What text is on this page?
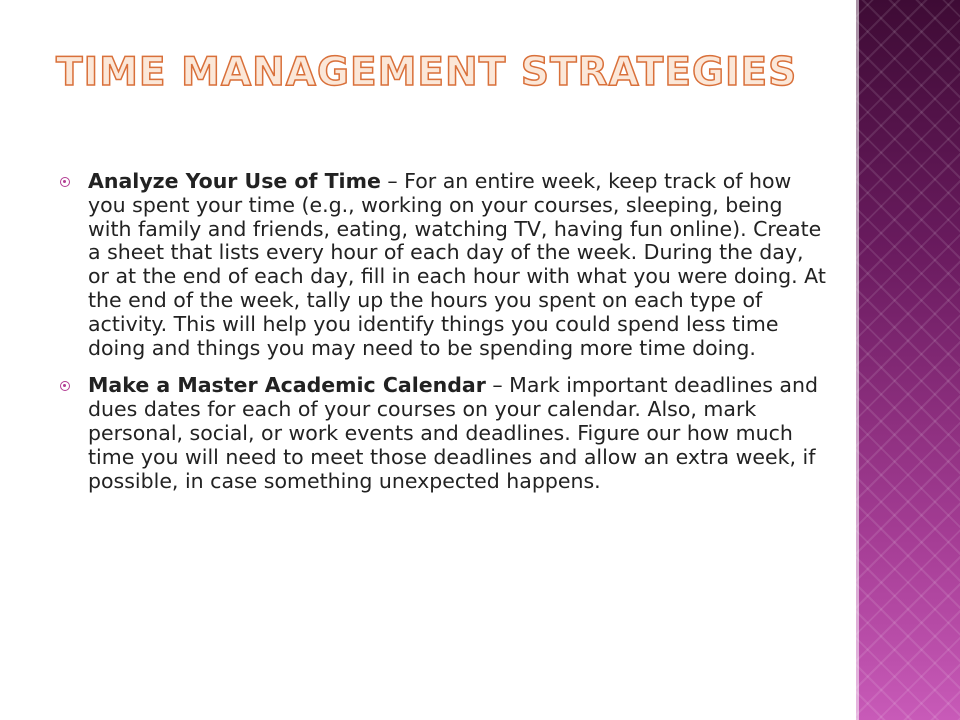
TIME MANAGEMENT STRATEGIES
Analyze Your Use of Time – For an entire week, keep track of how you spent your time (e.g., working on your courses, sleeping, being with family and friends, eating, watching TV, having fun online). Create a sheet that lists every hour of each day of the week. During the day, or at the end of each day, fill in each hour with what you were doing. At the end of the week, tally up the hours you spent on each type of activity. This will help you identify things you could spend less time doing and things you may need to be spending more time doing.
Make a Master Academic Calendar – Mark important deadlines and dues dates for each of your courses on your calendar. Also, mark personal, social, or work events and deadlines. Figure our how much time you will need to meet those deadlines and allow an extra week, if possible, in case something unexpected happens.
